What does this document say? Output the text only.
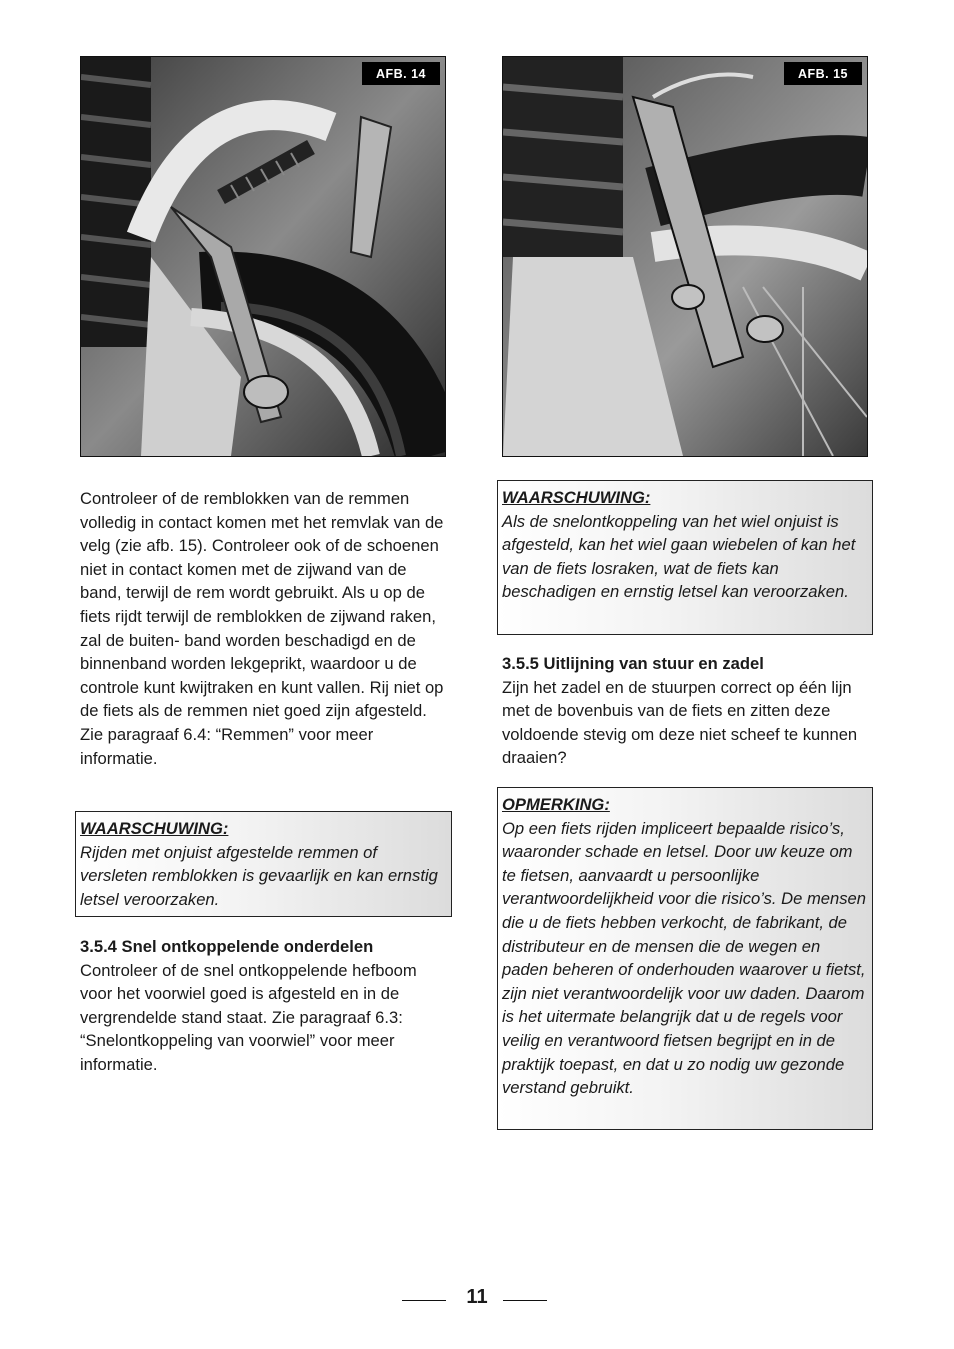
AFB. 14	AFB. 15

Controleer of de remblokken van de remmen volledig in contact komen met het remvlak van de velg (zie afb. 15). Controleer ook of de schoenen niet in contact komen met de zijwand van de band, terwijl de rem wordt gebruikt. Als u op de fiets rijdt terwijl de remblokken de zijwand raken, zal de buiten- band worden beschadigd en de binnenband worden lekgeprikt, waardoor u de controle kunt kwijtraken en kunt vallen. Rij niet op de fiets als de remmen niet goed zijn afgesteld. Zie paragraaf 6.4: “Remmen” voor meer informatie.

WAARSCHUWING:
Rijden met onjuist afgestelde remmen of versleten remblokken is gevaarlijk en kan ernstig letsel veroorzaken.

3.5.4 Snel ontkoppelende onderdelen

Controleer of de snel ontkoppelende hefboom voor het voorwiel goed is afgesteld en in de vergrendelde stand staat. Zie paragraaf 6.3: “Snelontkoppeling van voorwiel” voor meer informatie.

WAARSCHUWING:
Als de snelontkoppeling van het wiel onjuist is afgesteld, kan het wiel gaan wiebelen of kan het van de fiets losraken, wat de fiets kan beschadigen en ernstig letsel kan veroorzaken.

3.5.5 Uitlijning van stuur en zadel

Zijn het zadel en de stuurpen correct op één lijn met de bovenbuis van de fiets en zitten deze voldoende stevig om deze niet scheef te kunnen draaien?

OPMERKING:
Op een fiets rijden impliceert bepaalde risico’s, waaronder schade en letsel. Door uw keuze om te fietsen, aanvaardt u persoonlijke verantwoordelijkheid voor die risico’s. De mensen die u de fiets hebben verkocht, de fabrikant, de distributeur en de mensen die de wegen en paden beheren of onderhouden waarover u fietst, zijn niet verantwoordelijk voor uw daden. Daarom is het uitermate belangrijk dat u de regels voor veilig en verantwoord fietsen begrijpt en in de praktijk toepast, en dat u zo nodig uw gezonde verstand gebruikt.
11
